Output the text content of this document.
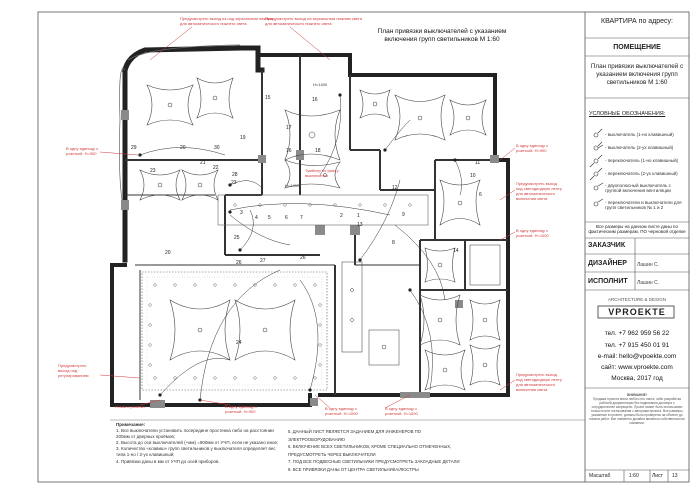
План привязки выключателей с указанием
включения групп светильников М 1:60
Предусмотреть выход из-под зеркальным нижним
для автоматического нижнего света
Предусмотреть выход на зеркальным нижним света
для автоматического нижнего света
В одну единицу с
розеткой. Н=900
Предусмотреть
выход под
регулированием
В одну единицу с
розеткой. Н=900
Предусмотреть выход
под светодиодную ленту
для автоматического
включения света
В одну единицу с
розеткой. Н=1000
Предусмотреть выход
под светодиодную ленту
для автоматического
включения света
Н=как и розетки	В одну единицу с
розеткой. Н=900
В одну единицу с
розеткой. Н=1000
В одну единицу с
розеткой. Н=1000
Тумблер по факту
выключения
Н=1400
Н=1400
29	20	30
23
19
28
17
16	18
15	16
20
21
22
23
25
26	27	26
24
13
12
11
10
14
8
3
4 5	6 7	2	1	9
6
Примечание:
1. Все выключатели установить посередине простенка либо на расстоянии 200мм от дверных проёмов;
2. Высота до оси выключателей (+мм) =900мм от УЧП, если не указано иное;
3. Количество «клавиш» групп светильников у выключателя определяет вес типа 1-но / 2-ух клавишный;
4. Привязки даны в мм от УЧП до осей приборов.
5. ДАННЫЙ ЛИСТ ЯВЛЯЕТСЯ ЗАДАНИЕМ ДЛЯ ИНЖЕНЕРОВ ПО ЭЛЕКТРООБОРУДОВАНИЮ
6. ВКЛЮЧЕНИЕ ВСЕХ СВЕТИЛЬНИКОВ, КРОМЕ СПЕЦИАЛЬНО ОТМЕЧЕННЫХ, ПРЕДУСМОТРЕТЬ ЧЕРЕЗ ВЫКЛЮЧАТЕЛИ
7. ПОД ВСЕ ПОДВЕСНЫЕ СВЕТИЛЬНИКИ ПРЕДУСМОТРЕТЬ ЗАКЛАДНЫЕ ДЕТАЛИ
8. ВСЕ ПРИВЯЗКИ ДАНЫ ОТ ЦЕНТРА СВЕТИЛЬНИКА/ЛЮСТРЫ
КВАРТИРА по адресу:
ПОМЕЩЕНИЕ
План привязки выключателей с
указанием включения групп
светильников М 1:60
УСЛОВНЫЕ ОБОЗНАЧЕНИЯ:
- выключатель (1-но клавишный)
- выключатель (2-ух клавишный)
- переключатель (1-но клавишный)
- переключатель (2-ух клавишный)
- двухполюсный выключатель с группой включения вентиляции
- переключатели и выключатели для групп светильников № 1 и 2
Все размеры на данном листе даны по
фактическим размерам, ПО черновой отделке
ЗАКАЗЧИК
ДИЗАЙНЕР Лашин С.
ИСПОЛНИТ Лашин С.
ARCHITECTURE & DESIGN
VPROEKTE
тел. +7 962 959 56 22
тел. +7 915 450 01 91
e-mail: hello@vpoekte.com
сайт: www.vproekte.com
Москва, 2017 год
Масштаб	1:60	Лист 13
ВНИМАНИЕ!
Продажа проекта и/или любого его листа, либо разработка рабочей документации без подписания договора о сотрудничестве запрещено. Проект может быть использован только после согласования с авторами проекта. Все размеры, указанные в проекте, должны быть проверены на объекте до начала работ. Все элементы дизайна являются собственностью компании.
